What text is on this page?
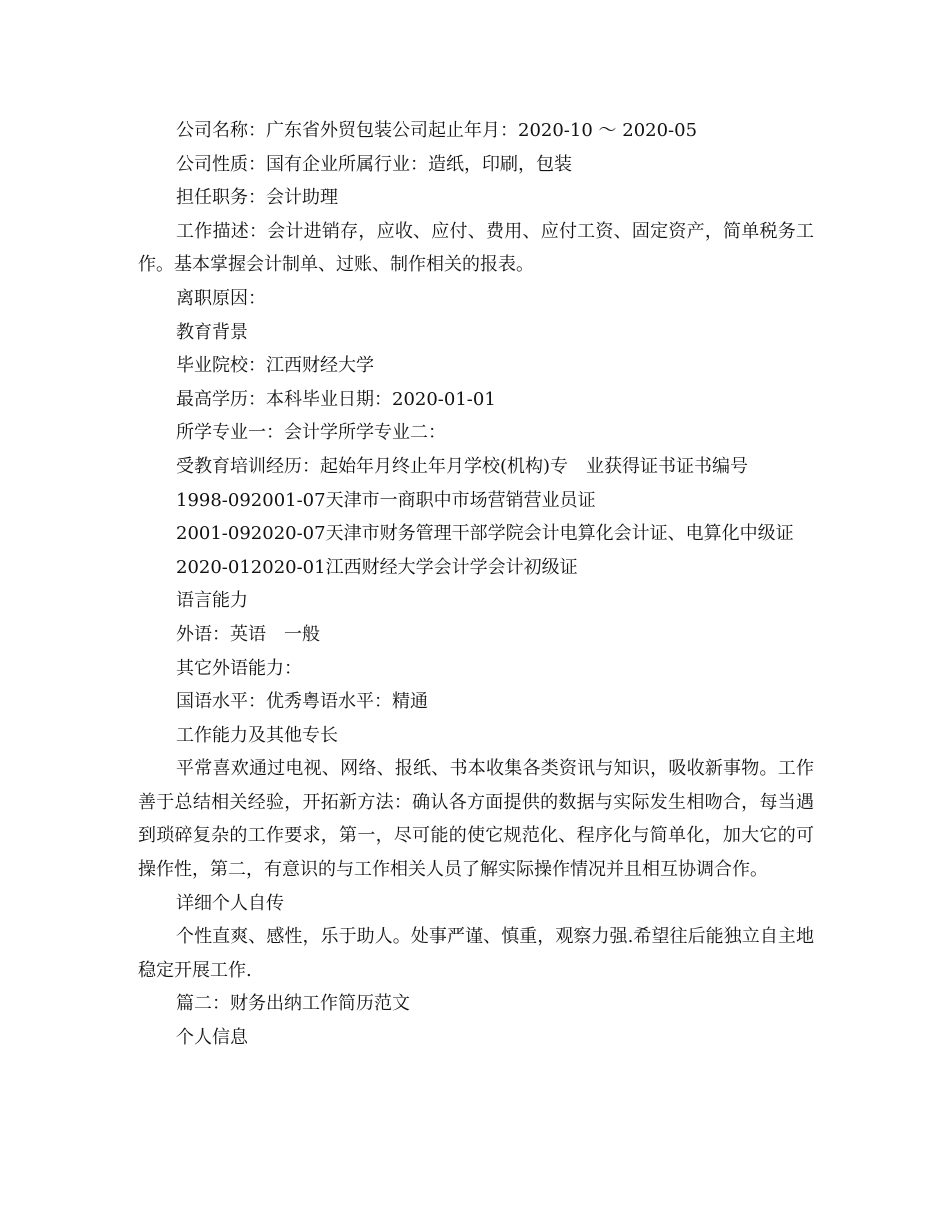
公司名称：广东省外贸包装公司起止年月：2020-10 ～ 2020-05

公司性质：国有企业所属行业：造纸，印刷，包装

担任职务：会计助理

工作描述：会计进销存，应收、应付、费用、应付工资、固定资产，简单税务工作。基本掌握会计制单、过账、制作相关的报表。

离职原因：

教育背景

毕业院校：江西财经大学

最高学历：本科毕业日期：2020-01-01

所学专业一：会计学所学专业二：

受教育培训经历：起始年月终止年月学校(机构)专　业获得证书证书编号

1998-092001-07天津市一商职中市场营销营业员证

2001-092020-07天津市财务管理干部学院会计电算化会计证、电算化中级证

2020-012020-01江西财经大学会计学会计初级证

语言能力

外语：英语　一般

其它外语能力：

国语水平：优秀粤语水平：精通

工作能力及其他专长

平常喜欢通过电视、网络、报纸、书本收集各类资讯与知识，吸收新事物。工作善于总结相关经验，开拓新方法：确认各方面提供的数据与实际发生相吻合，每当遇到琐碎复杂的工作要求，第一，尽可能的使它规范化、程序化与简单化，加大它的可操作性，第二，有意识的与工作相关人员了解实际操作情况并且相互协调合作。

详细个人自传

个性直爽、感性，乐于助人。处事严谨、慎重，观察力强.希望往后能独立自主地稳定开展工作.

篇二：财务出纳工作简历范文

个人信息
